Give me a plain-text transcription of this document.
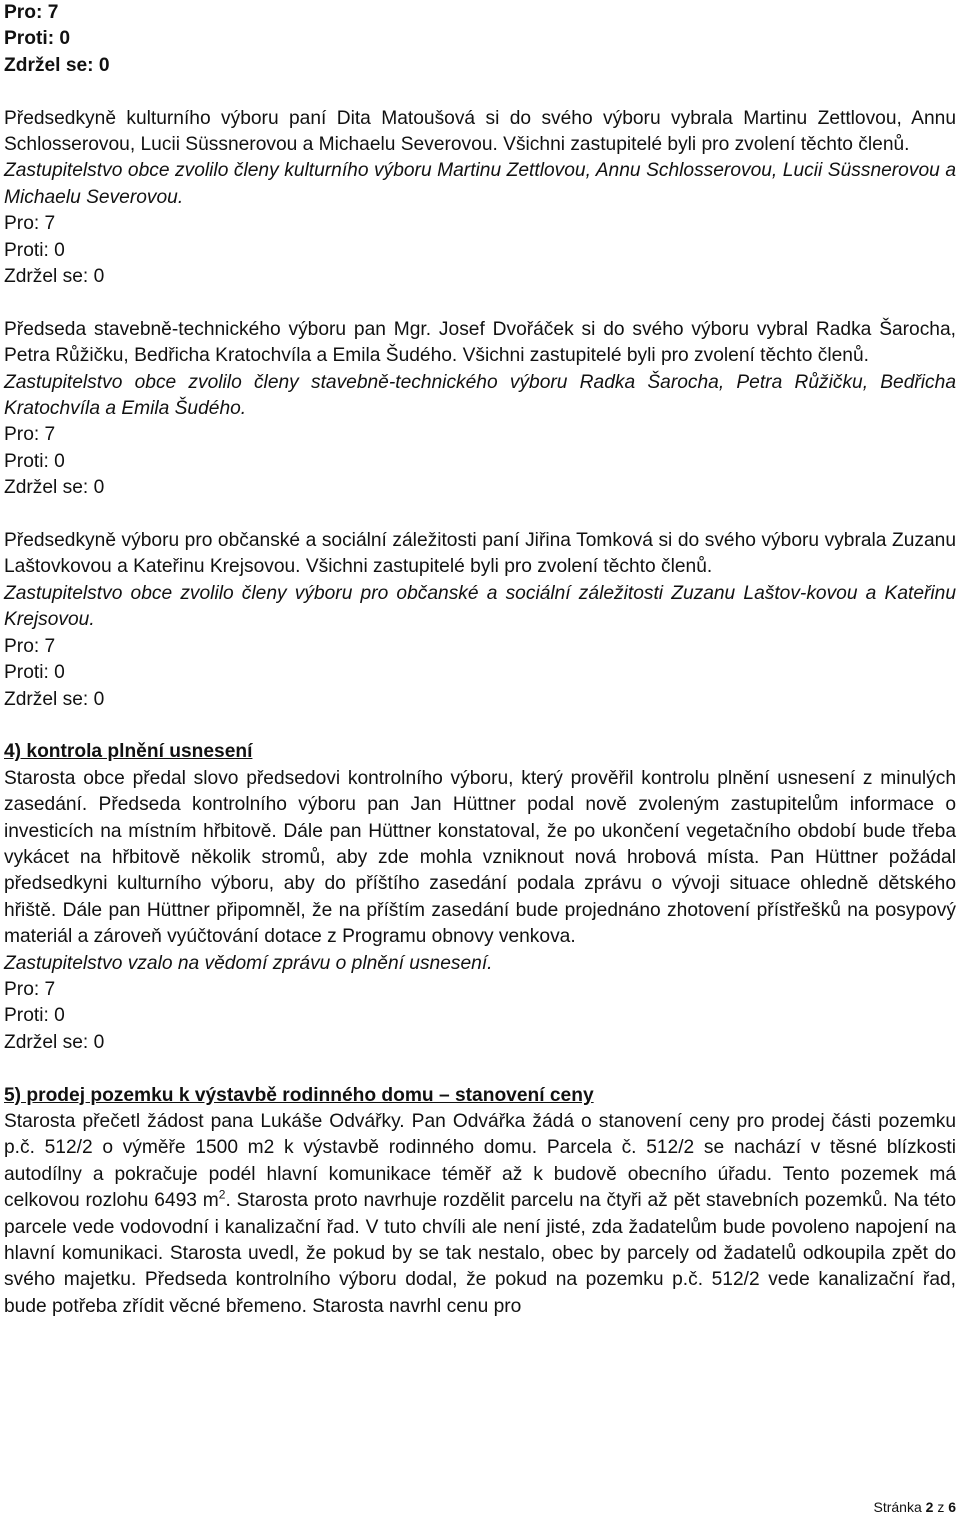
Pro: 7
Proti: 0
Zdržel se: 0

Předsedkyně kulturního výboru paní Dita Matoušová si do svého výboru vybrala Martinu Zettlovou, Annu Schlosserovou, Lucii Süssnerovou a Michaelu Severovou. Všichni zastupitelé byli pro zvolení těchto členů.

Zastupitelstvo obce zvolilo členy kulturního výboru Martinu Zettlovou, Annu Schlosserovou, Lucii Süssnerovou a Michaelu Severovou.

Pro: 7
Proti: 0
Zdržel se: 0

Předseda stavebně-technického výboru pan Mgr. Josef Dvořáček si do svého výboru vybral Radka Šarocha, Petra Růžičku, Bedřicha Kratochvíla a Emila Šudého. Všichni zastupitelé byli pro zvolení těchto členů.

Zastupitelstvo obce zvolilo členy stavebně-technického výboru Radka Šarocha, Petra Růžičku, Bedřicha Kratochvíla a Emila Šudého.

Pro: 7
Proti: 0
Zdržel se: 0

Předsedkyně výboru pro občanské a sociální záležitosti paní Jiřina Tomková si do svého výboru vybrala Zuzanu Laštovkovou a Kateřinu Krejsovou. Všichni zastupitelé byli pro zvolení těchto členů.

Zastupitelstvo obce zvolilo členy výboru pro občanské a sociální záležitosti Zuzanu Laštov-kovou a Kateřinu Krejsovou.

Pro: 7
Proti: 0
Zdržel se: 0

4) kontrola plnění usnesení

Starosta obce předal slovo předsedovi kontrolního výboru, který prověřil kontrolu plnění usnesení z minulých zasedání. Předseda kontrolního výboru pan Jan Hüttner podal nově zvoleným zastupitelům informace o investicích na místním hřbitově. Dále pan Hüttner konstatoval, že po ukončení vegetačního období bude třeba vykácet na hřbitově několik stromů, aby zde mohla vzniknout nová hrobová místa. Pan Hüttner požádal předsedkyni kulturního výboru, aby do příštího zasedání podala zprávu o vývoji situace ohledně dětského hřiště. Dále pan Hüttner připomněl, že na příštím zasedání bude projednáno zhotovení přístřešků na posypový materiál a zároveň vyúčtování dotace z Programu obnovy venkova.

Zastupitelstvo vzalo na vědomí zprávu o plnění usnesení.

Pro: 7
Proti: 0
Zdržel se: 0

5) prodej pozemku k výstavbě rodinného domu – stanovení ceny

Starosta přečetl žádost pana Lukáše Odvářky. Pan Odvářka žádá o stanovení ceny pro prodej části pozemku p.č. 512/2 o výměře 1500 m2 k výstavbě rodinného domu. Parcela č. 512/2 se nachází v těsné blízkosti autodílny a pokračuje podél hlavní komunikace téměř až k budově obecního úřadu. Tento pozemek má celkovou rozlohu 6493 $m^2$. Starosta proto navrhuje rozdělit parcelu na čtyři až pět stavebních pozemků. Na této parcele vede vodovodní i kanalizační řad. V tuto chvíli ale není jisté, zda žadatelům bude povoleno napojení na hlavní komunikaci. Starosta uvedl, že pokud by se tak nestalo, obec by parcely od žadatelů odkoupila zpět do svého majetku. Předseda kontrolního výboru dodal, že pokud na pozemku p.č. 512/2 vede kanalizační řad, bude potřeba zřídit věcné břemeno. Starosta navrhl cenu pro

Stránka 2 z 6
